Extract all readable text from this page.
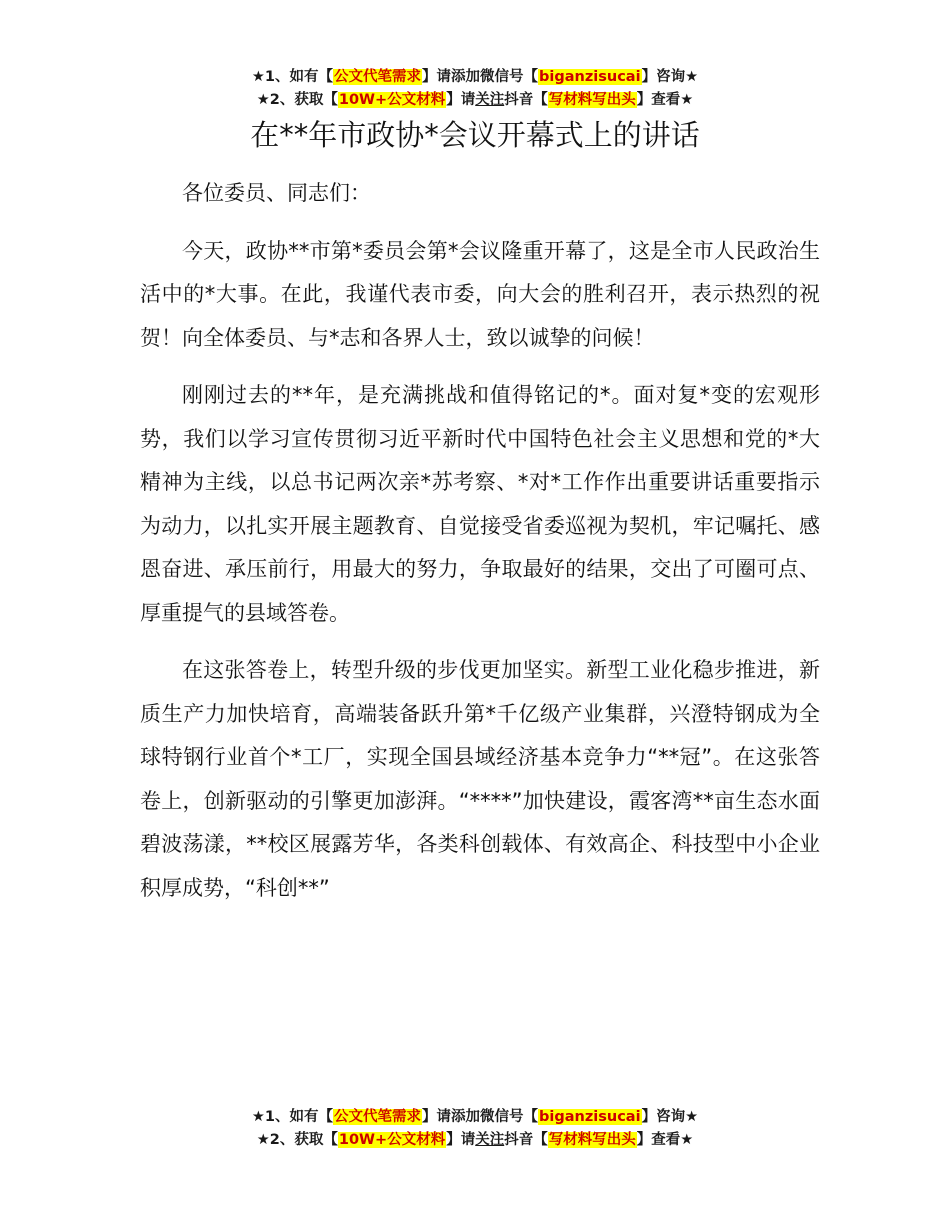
★1、如有【公文代笔需求】请添加微信号【biganzisucai】咨询★
★2、获取【10W+公文材料】请关注抖音【写材料写出头】查看★
在**年市政协*会议开幕式上的讲话

各位委员、同志们：

今天，政协**市第*委员会第*会议隆重开幕了，这是全市人民政治生活中的*大事。在此，我谨代表市委，向大会的胜利召开，表示热烈的祝贺！向全体委员、与*志和各界人士，致以诚挚的问候！

刚刚过去的**年，是充满挑战和值得铭记的*。面对复*变的宏观形势，我们以学习宣传贯彻习近平新时代中国特色社会主义思想和党的*大精神为主线，以总书记两次亲*苏考察、*对*工作作出重要讲话重要指示为动力，以扎实开展主题教育、自觉接受省委巡视为契机，牢记嘱托、感恩奋进、承压前行，用最大的努力，争取最好的结果，交出了可圈可点、厚重提气的县域答卷。

在这张答卷上，转型升级的步伐更加坚实。新型工业化稳步推进，新质生产力加快培育，高端装备跃升第*千亿级产业集群，兴澄特钢成为全球特钢行业首个*工厂，实现全国县域经济基本竞争力“**冠”。在这张答卷上，创新驱动的引擎更加澎湃。“****”加快建设，霞客湾**亩生态水面碧波荡漾，**校区展露芳华，各类科创载体、有效高企、科技型中小企业积厚成势，“科创**”

★1、如有【公文代笔需求】请添加微信号【biganzisucai】咨询★
★2、获取【10W+公文材料】请关注抖音【写材料写出头】查看★
